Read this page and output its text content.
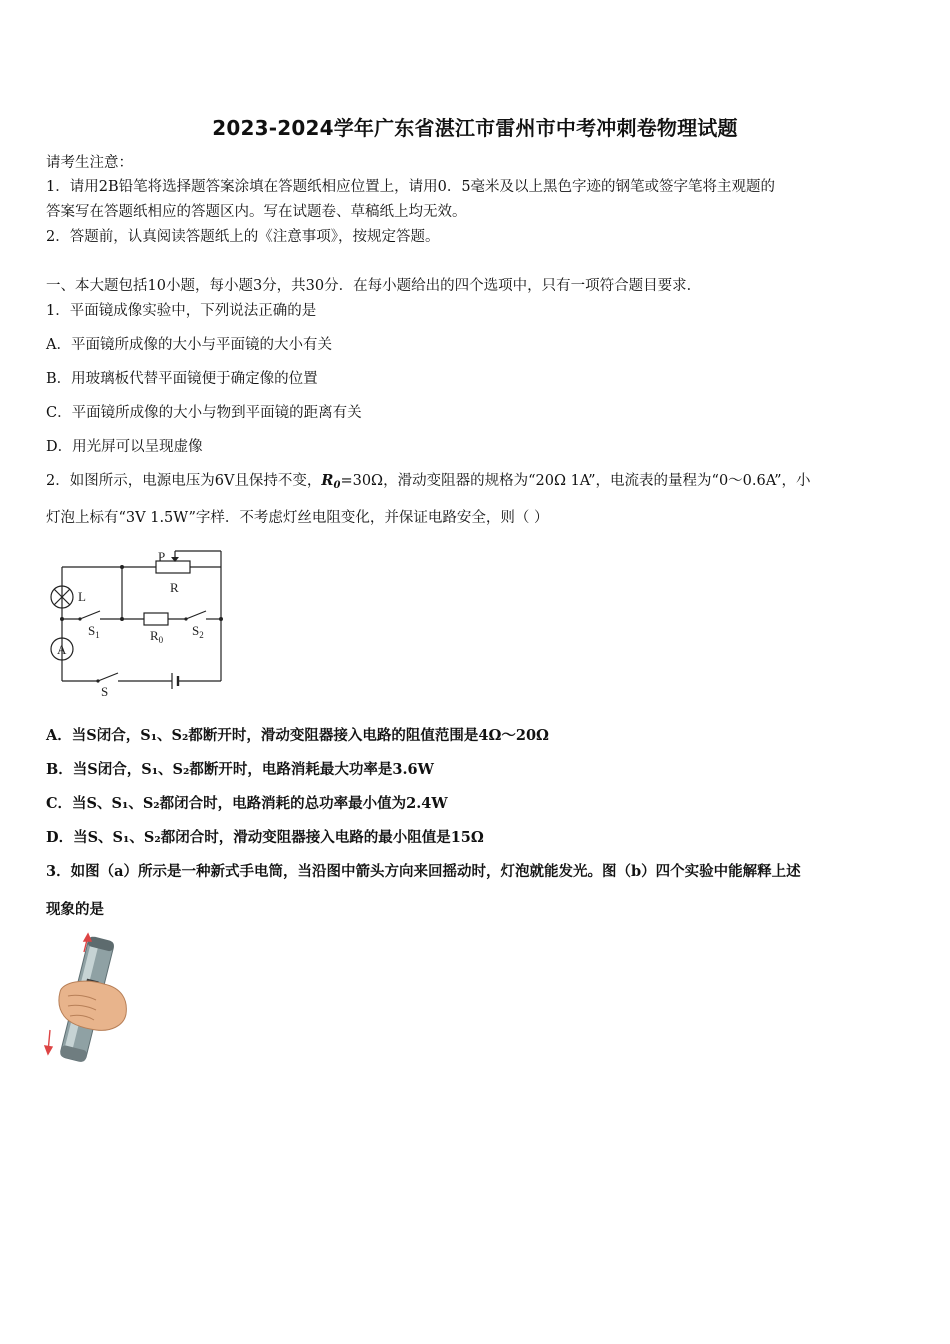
2023-2024学年广东省湛江市雷州市中考冲刺卷物理试题
请考生注意：
1．请用2B铅笔将选择题答案涂填在答题纸相应位置上，请用0．5毫米及以上黑色字迹的钢笔或签字笔将主观题的
答案写在答题纸相应的答题区内。写在试题卷、草稿纸上均无效。
2．答题前，认真阅读答题纸上的《注意事项》，按规定答题。
一、本大题包括10小题，每小题3分，共30分．在每小题给出的四个选项中，只有一项符合题目要求．
1．平面镜成像实验中，下列说法正确的是
A．平面镜所成像的大小与平面镜的大小有关
B．用玻璃板代替平面镜便于确定像的位置
C．平面镜所成像的大小与物到平面镜的距离有关
D．用光屏可以呈现虚像
2．如图所示，电源电压为6V且保持不变，$R_0=30\Omega$，滑动变阻器的规格为“20Ω 1A”，电流表的量程为“0～0.6A”，小
灯泡上标有“3V 1.5W”字样．不考虑灯丝电阻变化，并保证电路安全，则（ ）
P
R
L
A
$S_1$	$R_0$
$S_2$
S
A．当S闭合，S₁、S₂都断开时，滑动变阻器接入电路的阻值范围是4Ω～20Ω
B．当S闭合，S₁、S₂都断开时，电路消耗最大功率是3.6W
C．当S、S₁、S₂都闭合时，电路消耗的总功率最小值为2.4W
D．当S、S₁、S₂都闭合时，滑动变阻器接入电路的最小阻值是15Ω
3．如图（a）所示是一种新式手电筒，当沿图中箭头方向来回摇动时，灯泡就能发光。图（b）四个实验中能解释上述
现象的是
